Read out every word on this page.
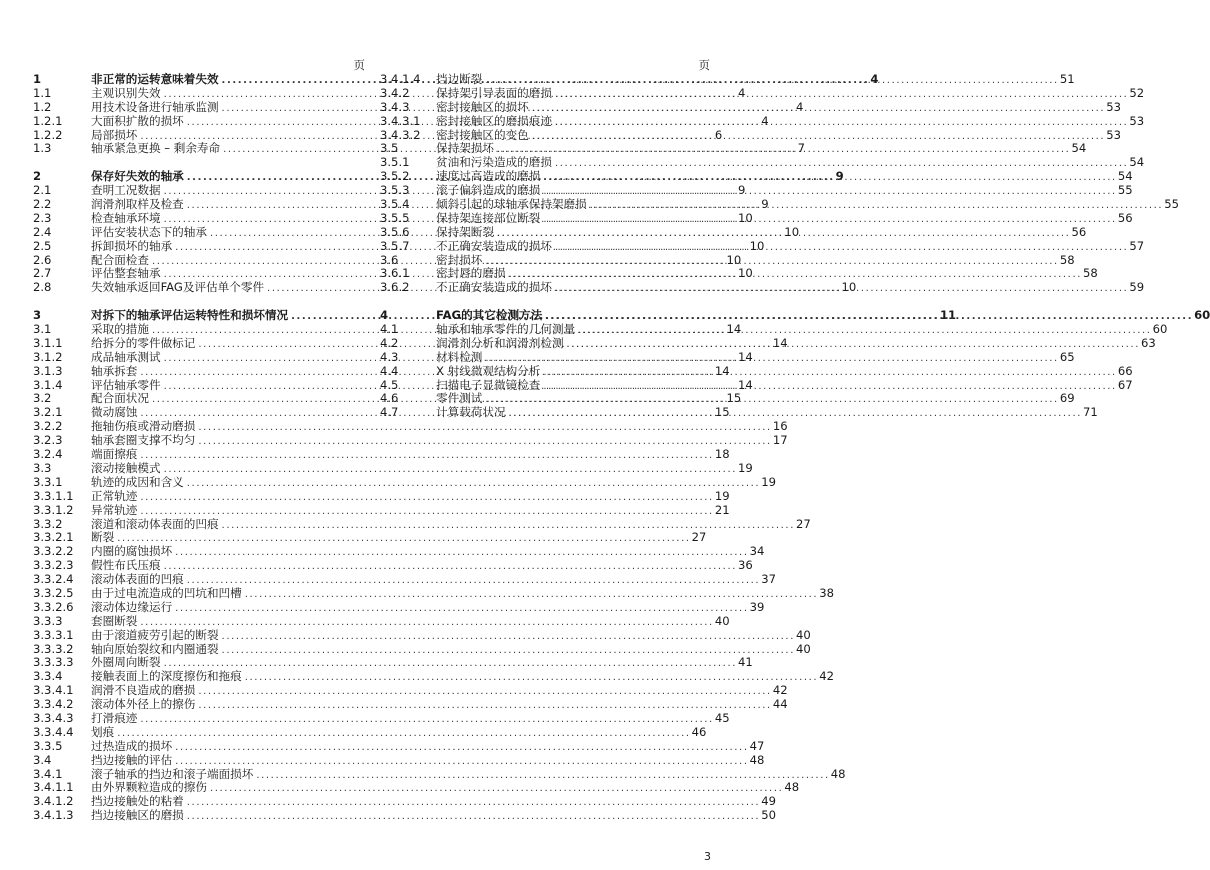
页
1	非正常的运转意味着失效 .....	4
1.1	主观识别失效 .....	4
1.2	用技术设备进行轴承监测 .....	4
1.2.1	大面积扩散的损坏 .....	4
1.2.2	局部损坏 .....	6
1.3	轴承紧急更换 – 剩余寿命 .....	7
2	保存好失效的轴承 .....	9
2.1	查明工况数据 .....	9
2.2	润滑剂取样及检查 .....	9
2.3	检查轴承环境 .....	10
2.4	评估安装状态下的轴承 .....	10
2.5	拆卸损坏的轴承 .....	10
2.6	配合面检查 .....	10
2.7	评估整套轴承 .....	10
2.8	失效轴承返回FAG及评估单个零件 .....	10
3	对拆下的轴承评估运转特性和损坏情况 .....	11
3.1	采取的措施 .....	14
3.1.1	给拆分的零件做标记 .....	14
3.1.2	成品轴承测试 .....	14
3.1.3	轴承拆套 .....	14
3.1.4	评估轴承零件 .....	14
3.2	配合面状况 .....	15
3.2.1	微动腐蚀 .....	15
3.2.2	拖轴伤痕或滑动磨损 .....	16
3.2.3	轴承套圈支撑不均匀 .....	17
3.2.4	端面擦痕 .....	18
3.3	滚动接触模式 .....	19
3.3.1	轨迹的成因和含义 .....	19
3.3.1.1	正常轨迹 .....	19
3.3.1.2	异常轨迹 .....	21
3.3.2	滚道和滚动体表面的凹痕 .....	27
3.3.2.1	断裂 .....	27
3.3.2.2	内圈的腐蚀损坏 .....	34
3.3.2.3	假性布氏压痕 .....	36
3.3.2.4	滚动体表面的凹痕 .....	37
3.3.2.5	由于过电流造成的凹坑和凹槽 .....	38
3.3.2.6	滚动体边缘运行 .....	39
3.3.3	套圈断裂 .....	40
3.3.3.1	由于滚道疲劳引起的断裂 .....	40
3.3.3.2	轴向原始裂纹和内圈通裂 .....	40
3.3.3.3	外圈周向断裂 .....	41
3.3.4	接触表面上的深度擦伤和拖痕 .....	42
3.3.4.1	润滑不良造成的磨损 .....	42
3.3.4.2	滚动体外径上的擦伤 .....	44
3.3.4.3	打滑痕迹 .....	45
3.3.4.4	划痕 .....	46
3.3.5	过热造成的损坏 .....	47
3.4	挡边接触的评估 .....	48
3.4.1	滚子轴承的挡边和滚子端面损坏 .....	48
3.4.1.1	由外界颗粒造成的擦伤 .....	48
3.4.1.2	挡边接触处的粘着 .....	49
3.4.1.3	挡边接触区的磨损 .....	50
页
3.4.1.4	挡边断裂 .....	51
3.4.2	保持架引导表面的磨损 .....	52
3.4.3	密封接触区的损坏 .....	53
3.4.3.1	密封接触区的磨损痕迹 .....	53
3.4.3.2	密封接触区的变色 .....	53
3.5	保持架损坏 .....	54
3.5.1	贫油和污染造成的磨损 .....	54
3.5.2	速度过高造成的磨损 .....	54
3.5.3	滚子偏斜造成的磨损 .....	55
3.5.4	倾斜引起的球轴承保持架磨损 .....	55
3.5.5	保持架连接部位断裂 .....	56
3.5.6	保持架断裂 .....	56
3.5.7	不正确安装造成的损坏 .....	57
3.6	密封损坏 .....	58
3.6.1	密封唇的磨损 .....	58
3.6.2	不正确安装造成的损坏 .....	59
4	FAG的其它检测方法 .....	60
4.1	轴承和轴承零件的几何测量 .....	60
4.2	润滑剂分析和润滑剂检测 .....	63
4.3	材料检测 .....	65
4.4	X 射线微观结构分析 .....	66
4.5	扫描电子显微镜检查 .....	67
4.6	零件测试 .....	69
4.7	计算载荷状况 .....	71
3
